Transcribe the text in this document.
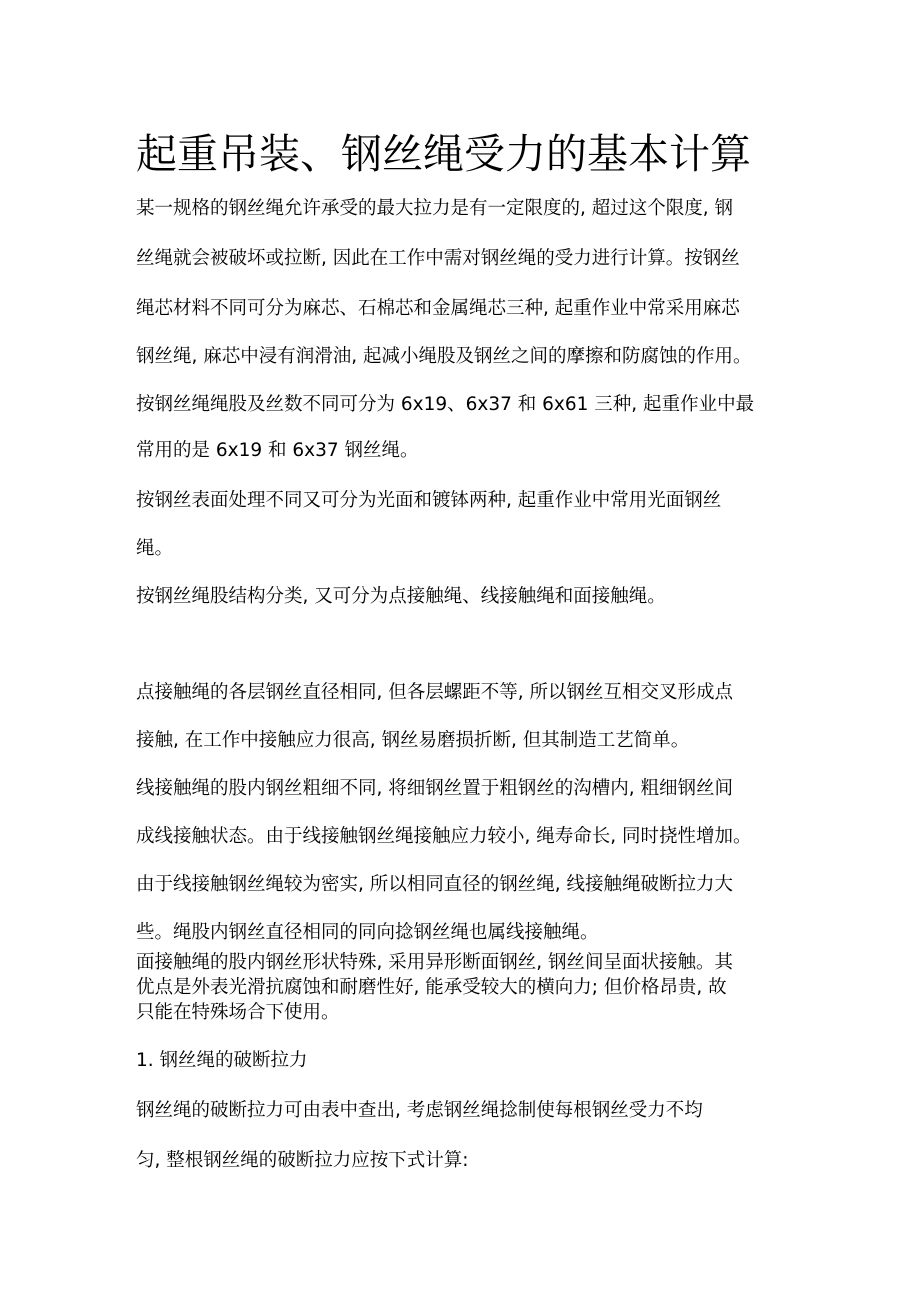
起重吊装、钢丝绳受力的基本计算
某一规格的钢丝绳允许承受的最大拉力是有一定限度的, 超过这个限度, 钢
丝绳就会被破坏或拉断, 因此在工作中需对钢丝绳的受力进行计算。按钢丝
绳芯材料不同可分为麻芯、石棉芯和金属绳芯三种, 起重作业中常采用麻芯
钢丝绳, 麻芯中浸有润滑油, 起减小绳股及钢丝之间的摩擦和防腐蚀的作用。
按钢丝绳绳股及丝数不同可分为 6x19、6x37 和 6x61 三种, 起重作业中最
常用的是 6x19 和 6x37 钢丝绳。
按钢丝表面处理不同又可分为光面和镀钵两种, 起重作业中常用光面钢丝
绳。
按钢丝绳股结构分类, 又可分为点接触绳、线接触绳和面接触绳。
点接触绳的各层钢丝直径相同, 但各层螺距不等, 所以钢丝互相交叉形成点
接触, 在工作中接触应力很高, 钢丝易磨损折断, 但其制造工艺简单。
线接触绳的股内钢丝粗细不同, 将细钢丝置于粗钢丝的沟槽内, 粗细钢丝间
成线接触状态。由于线接触钢丝绳接触应力较小, 绳寿命长, 同时挠性增加。
由于线接触钢丝绳较为密实, 所以相同直径的钢丝绳, 线接触绳破断拉力大
些。绳股内钢丝直径相同的同向捻钢丝绳也属线接触绳。
面接触绳的股内钢丝形状特殊, 采用异形断面钢丝, 钢丝间呈面状接触。其
优点是外表光滑抗腐蚀和耐磨性好, 能承受较大的横向力; 但价格昂贵, 故
只能在特殊场合下使用。
1. 钢丝绳的破断拉力
钢丝绳的破断拉力可由表中查出, 考虑钢丝绳捻制使每根钢丝受力不均
匀, 整根钢丝绳的破断拉力应按下式计算:
